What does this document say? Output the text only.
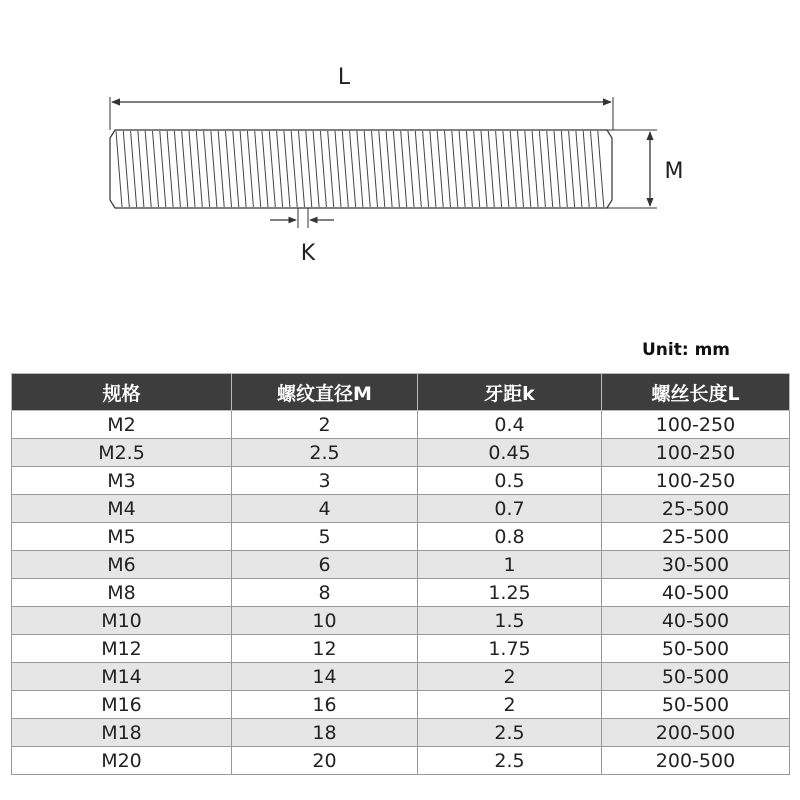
L
M
K
Unit: mm
规格	螺纹直径M	牙距k	螺丝长度L
M2	2	0.4	100-250
M2.5	2.5	0.45	100-250
M3	3	0.5	100-250
M4	4	0.7	25-500
M5	5	0.8	25-500
M6	6	1	30-500
M8	8	1.25	40-500
M10	10	1.5	40-500
M12	12	1.75	50-500
M14	14	2	50-500
M16	16	2	50-500
M18	18	2.5	200-500
M20	20	2.5	200-500
